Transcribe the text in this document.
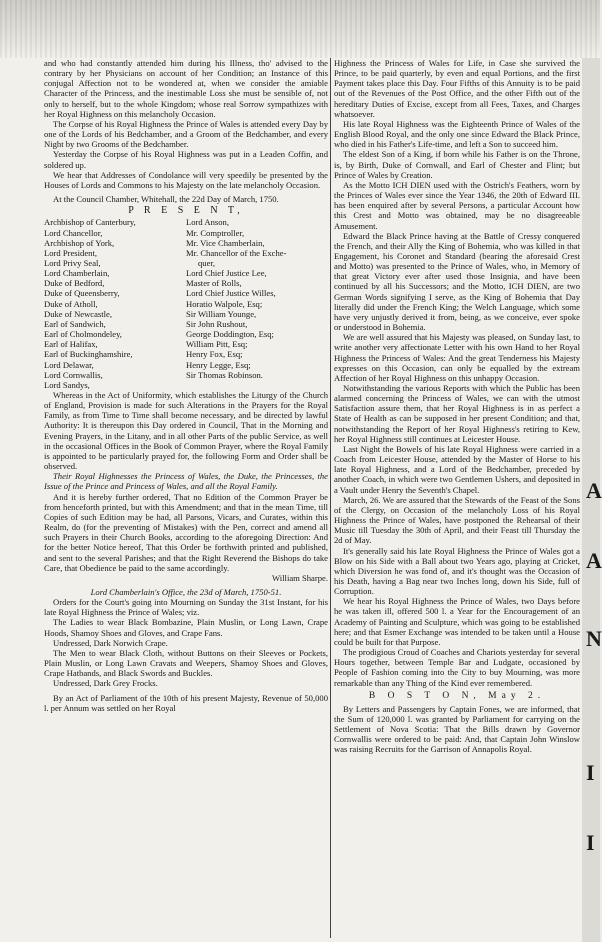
and who had constantly attended him during his Illness, tho' advised to the contrary by her Physicians on account of her Condition; an Instance of this conjugal Affection not to be wondered at, when we consider the amiable Character of the Princess, and the inestimable Loss she must be sensible of, not only to herself, but to the whole Kingdom; whose real Sorrow sympathizes with her Royal Highness on this melancholy Occasion.

The Corpse of his Royal Highness the Prince of Wales is attended every Day by one of the Lords of his Bedchamber, and a Groom of the Bedchamber, and every Night by two Grooms of the Bedchamber.

Yesterday the Corpse of his Royal Highness was put in a Leaden Coffin, and soldered up.

We hear that Addresses of Condolance will very speedily be presented by the Houses of Lords and Commons to his Majesty on the late melancholy Occasion.

At the Council Chamber, Whitehall, the 22d Day of March, 1750.

P R E S E N T,
Archbishop of Canterbury,
Lord Chancellor,
Archbishop of York,
Lord President,
Lord Privy Seal,
Lord Chamberlain,
Duke of Bedford,
Duke of Queensberry,
Duke of Atholl,
Duke of Newcastle,
Earl of Sandwich,
Earl of Cholmondeley,
Earl of Halifax,
Earl of Buckinghamshire,
Lord Delawar,
Lord Cornwallis,
Lord Sandys,
Lord Anson,
Mr. Comptroller,
Mr. Vice Chamberlain,
Mr. Chancellor of the Exche-
quer,
Lord Chief Justice Lee,
Master of Rolls,
Lord Chief Justice Willes,
Horatio Walpole, Esq;
Sir William Younge,
Sir John Rushout,
George Doddington, Esq;
William Pitt, Esq;
Henry Fox, Esq;
Henry Legge, Esq;
Sir Thomas Robinson.

Whereas in the Act of Uniformity, which establishes the Liturgy of the Church of England, Provision is made for such Alterations in the Prayers for the Royal Family, as from Time to Time shall become necessary, and be directed by lawful Authority: It is thereupon this Day ordered in Council, That in the Morning and Evening Prayers, in the Litany, and in all other Parts of the public Service, as well in the occasional Offices in the Book of Common Prayer, where the Royal Family is appointed to be particularly prayed for, the following Form and Order shall be observed.

Their Royal Highnesses the Princess of Wales, the Duke, the Princesses, the Issue of the Prince and Princess of Wales, and all the Royal Family.

And it is hereby further ordered, That no Edition of the Common Prayer be from henceforth printed, but with this Amendment; and that in the mean Time, till Copies of such Edition may be had, all Parsons, Vicars, and Curates, within this Realm, do (for the preventing of Mistakes) with the Pen, correct and amend all such Prayers in their Church Books, according to the aforegoing Direction: And for the better Notice hereof, That this Order be forthwith printed and published, and sent to the several Parishes; and that the Right Reverend the Bishops do take Care, that Obedience be paid to the same accordingly.

William Sharpe.

Lord Chamberlain's Office, the 23d of March, 1750-51.

Orders for the Court's going into Mourning on Sunday the 31st Instant, for his late Royal Highness the Prince of Wales; viz.

The Ladies to wear Black Bombazine, Plain Muslin, or Long Lawn, Crape Hoods, Shamoy Shoes and Gloves, and Crape Fans.

Undressed, Dark Norwich Crape.

The Men to wear Black Cloth, without Buttons on their Sleeves or Pockets, Plain Muslin, or Long Lawn Cravats and Weepers, Shamoy Shoes and Gloves, Crape Hatbands, and Black Swords and Buckles.

Undressed, Dark Grey Frocks.

By an Act of Parliament of the 10th of his present Majesty, Revenue of 50,000 l. per Annum was settled on her Royal

Highness the Princess of Wales for Life, in Case she survived the Prince, to be paid quarterly, by even and equal Portions, and the first Payment takes place this Day. Four Fifths of this Annuity is to be paid out of the Revenues of the Post Office, and the other Fifth out of the hereditary Duties of Excise, except from all Fees, Taxes, and Charges whatsoever.

His late Royal Highness was the Eighteenth Prince of Wales of the English Blood Royal, and the only one since Edward the Black Prince, who died in his Father's Life-time, and left a Son to succeed him.

The eldest Son of a King, if born while his Father is on the Throne, is, by Birth, Duke of Cornwall, and Earl of Chester and Flint; but Prince of Wales by Creation.

As the Motto ICH DIEN used with the Ostrich's Feathers, worn by the Princes of Wales ever since the Year 1346, the 20th of Edward III. has been enquired after by several Persons, a particular Account how this Crest and Motto was obtained, may be no disagreeable Amusement.

Edward the Black Prince having at the Battle of Cressy conquered the French, and their Ally the King of Bohemia, who was killed in that Engagement, his Coronet and Standard (bearing the aforesaid Crest and Motto) was presented to the Prince of Wales, who, in Memory of that great Victory ever after used those Insignia, and have been continued by all his Successors; and the Motto, ICH DIEN, are two German Words signifying I serve, as the King of Bohemia that Day literally did under the French King; the Welch Language, which some have very unjustly derived it from, being, as we conceive, ever spoke or understood in Bohemia.

We are well assured that his Majesty was pleased, on Sunday last, to write another very affectionate Letter with his own Hand to her Royal Highness the Princess of Wales: And the great Tenderness his Majesty expresses on this Occasion, can only be equalled by the extream Affection of her Royal Highness on this unhappy Occasion.

Notwithstanding the various Reports with which the Public has been alarmed concerning the Princess of Wales, we can with the utmost Satisfaction assure them, that her Royal Highness is in as perfect a State of Health as can be supposed in her present Condition; and that, notwithstanding the Report of her Royal Highness's retiring to Kew, her Royal Highness still continues at Leicester House.

Last Night the Bowels of his late Royal Highness were carried in a Coach from Leicester House, attended by the Master of Horse to his late Royal Highness, and a Lord of the Bedchamber, preceded by another Coach, in which were two Gentlemen Ushers, and deposited in a Vault under Henry the Seventh's Chapel.

March, 26. We are assured that the Stewards of the Feast of the Sons of the Clergy, on Occasion of the melancholy Loss of his Royal Highness the Prince of Wales, have postponed the Rehearsal of their Music till Tuesday the 30th of April, and their Feast till Thursday the 2d of May.

It's generally said his late Royal Highness the Prince of Wales got a Blow on his Side with a Ball about two Years ago, playing at Cricket, which Diversion he was fond of, and it's thought was the Occasion of his Death, having a Bag near two Inches long, down his Side, full of Corruption.

We hear his Royal Highness the Prince of Wales, two Days before he was taken ill, offered 500 l. a Year for the Encouragement of an Academy of Painting and Sculpture, which was going to be established here; and that Esmer Exchange was intended to be taken until a House could be built for that Purpose.

The prodigious Croud of Coaches and Chariots yesterday for several Hours together, between Temple Bar and Ludgate, occasioned by People of Fashion coming into the City to buy Mourning, was more remarkable than any Thing of the Kind ever remembered.

B O S T O N, May 2.

By Letters and Passengers by Captain Fones, we are informed, that the Sum of 120,000 l. was granted by Parliament for carrying on the Settlement of Nova Scotia: That the Bills drawn by Governor Cornwallis were ordered to be paid: And, that Captain John Winslow was raising Recruits for the Garrison of Annapolis Royal.

A
A
N
I
I
